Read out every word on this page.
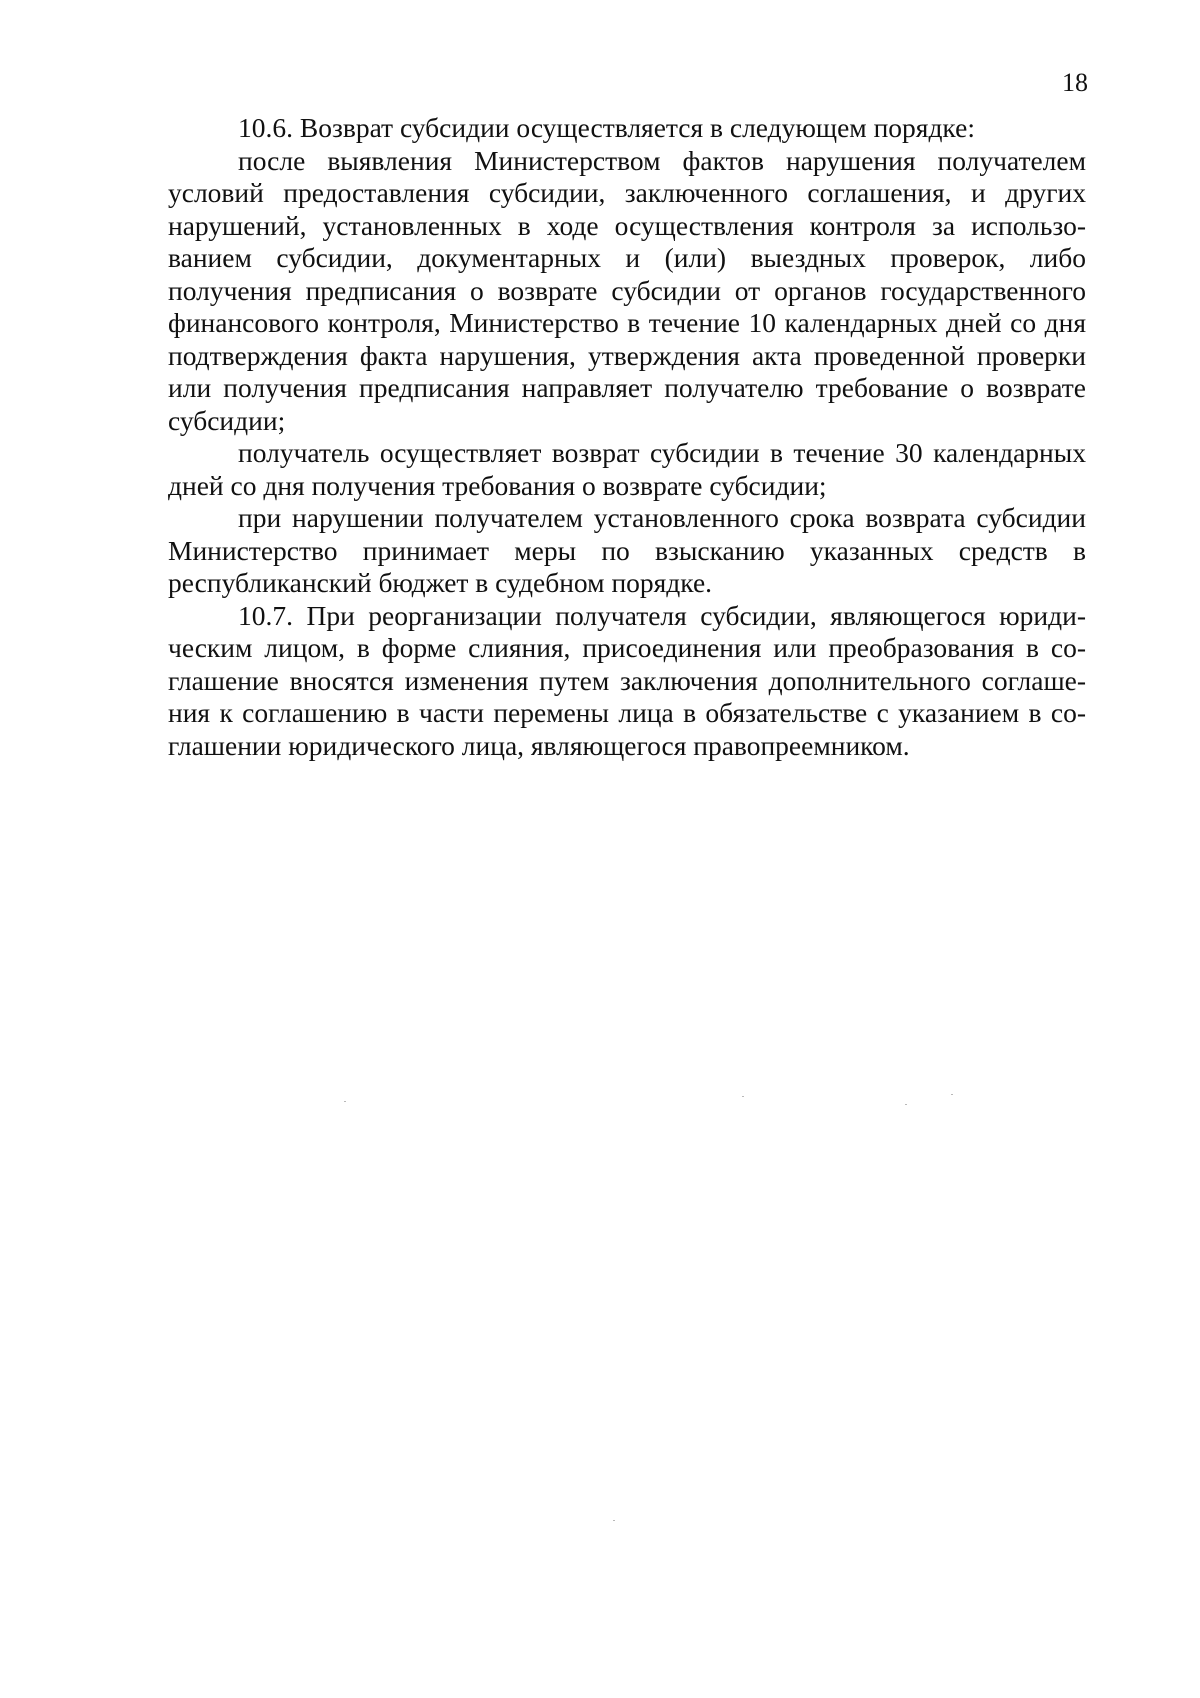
18

10.6. Возврат субсидии осуществляется в следующем порядке:

после выявления Министерством фактов нарушения получателем условий предоставления субсидии, заключенного соглашения, и других нарушений, установленных в ходе осуществления контроля за использованием субсидии, документарных и (или) выездных проверок, либо получения предписания о возврате субсидии от органов государственного финансового контроля, Министерство в течение 10 календарных дней со дня подтверждения факта нарушения, утверждения акта проведенной проверки или получения предписания направляет получателю требование о возврате субсидии;

получатель осуществляет возврат субсидии в течение 30 календарных дней со дня получения требования о возврате субсидии;

при нарушении получателем установленного срока возврата субсидии Министерство принимает меры по взысканию указанных средств в республиканский бюджет в судебном порядке.

10.7. При реорганизации получателя субсидии, являющегося юридическим лицом, в форме слияния, присоединения или преобразования в соглашение вносятся изменения путем заключения дополнительного соглашения к соглашению в части перемены лица в обязательстве с указанием в соглашении юридического лица, являющегося правопреемником.
